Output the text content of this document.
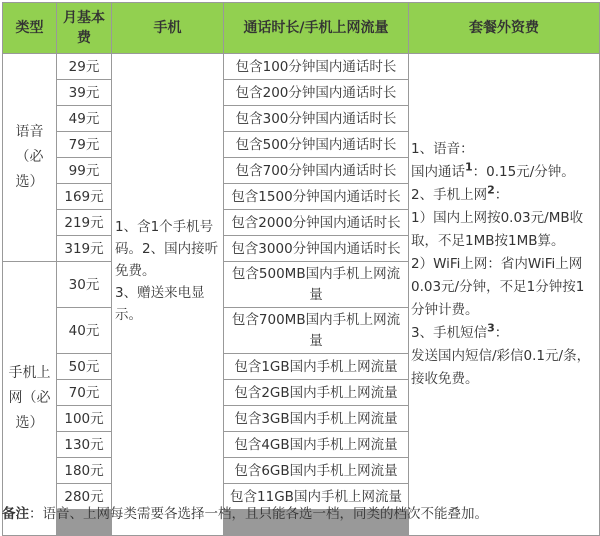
类型
月基本费
手机	通话时长/手机上网流量	套餐外资费
语音（必选）
手机上网（必选）
29元
39元
49元
79元
99元
169元
219元
319元
30元
40元
50元
70元
100元
130元
180元
280元

1、含1个手机号码。2、国内接听免费。

3、赠送来电显示。

包含100分钟国内通话时长
包含200分钟国内通话时长
包含300分钟国内通话时长
包含500分钟国内通话时长
包含700分钟国内通话时长
包含1500分钟国内通话时长
包含2000分钟国内通话时长
包含3000分钟国内通话时长
包含500MB国内手机上网流量
包含700MB国内手机上网流量
包含1GB国内手机上网流量
包含2GB国内手机上网流量
包含3GB国内手机上网流量
包含4GB国内手机上网流量
包含6GB国内手机上网流量
包含11GB国内手机上网流量

1、语音：

国内通话$^1$：0.15元/分钟。

2、手机上网$^2$：

1）国内上网按0.03元/MB收取，不足1MB按1MB算。

2）WiFi上网：省内WiFi上网0.03元/分钟，不足1分钟按1分钟计费。

3、手机短信$^3$：

发送国内短信/彩信0.1元/条，接收免费。

备注：语音、上网每类需要各选择一档，且只能各选一档，同类的档次不能叠加。
